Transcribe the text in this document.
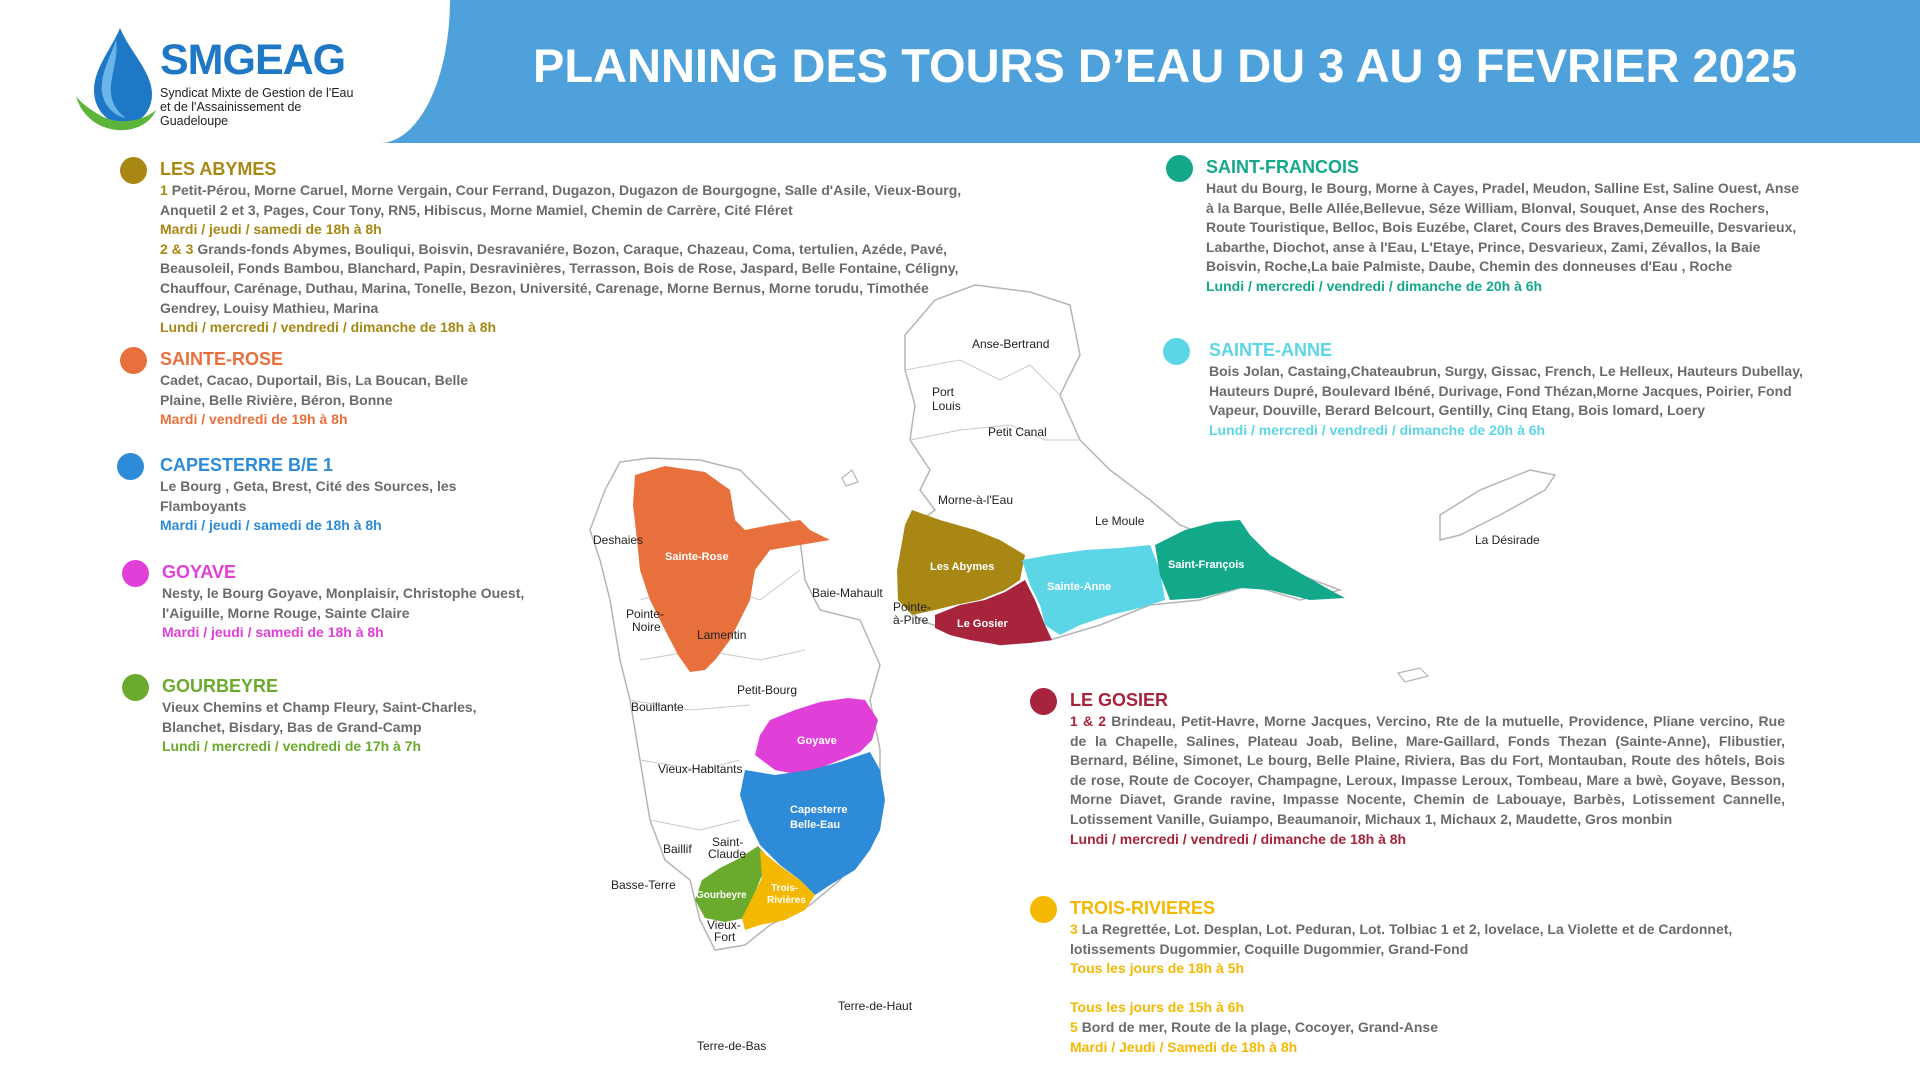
SMGEAG
Syndicat Mixte de Gestion de l'Eau et de l'Assainissement de Guadeloupe
PLANNING DES TOURS D’EAU DU 3 AU 9 FEVRIER 2025
LES ABYMES
1 Petit-Pérou, Morne Caruel, Morne Vergain, Cour Ferrand, Dugazon, Dugazon de Bourgogne, Salle d'Asile, Vieux-Bourg, Anquetil 2 et 3, Pages, Cour Tony, RN5, Hibiscus, Morne Mamiel, Chemin de Carrère, Cité Fléret
Mardi / jeudi / samedi de 18h à 8h
2 & 3 Grands-fonds Abymes, Bouliqui, Boisvin, Desravaniére, Bozon, Caraque, Chazeau, Coma, tertulien, Azéde, Pavé, Beausoleil, Fonds Bambou, Blanchard, Papin, Desravinières, Terrasson, Bois de Rose, Jaspard, Belle Fontaine, Céligny, Chauffour, Carénage, Duthau, Marina, Tonelle, Bezon, Université, Carenage, Morne Bernus, Morne torudu, Timothée Gendrey, Louisy Mathieu, Marina
Lundi / mercredi / vendredi / dimanche de 18h à 8h
SAINTE-ROSE
Cadet, Cacao, Duportail, Bis, La Boucan, Belle Plaine, Belle Rivière, Béron, Bonne
Mardi / vendredi de 19h à 8h
CAPESTERRE B/E 1
Le Bourg , Geta, Brest, Cité des Sources, les Flamboyants
Mardi / jeudi / samedi de 18h à 8h
GOYAVE
Nesty, le Bourg Goyave, Monplaisir, Christophe Ouest, l'Aiguille, Morne Rouge, Sainte Claire
Mardi / jeudi / samedi de 18h à 8h
GOURBEYRE
Vieux Chemins et Champ Fleury, Saint-Charles, Blanchet, Bisdary, Bas de Grand-Camp
Lundi / mercredi / vendredi de 17h à 7h
SAINT-FRANCOIS
Haut du Bourg, le Bourg, Morne à Cayes, Pradel, Meudon, Salline Est, Saline Ouest, Anse à la Barque, Belle Allée,Bellevue, Séze William, Blonval, Souquet, Anse des Rochers, Route Touristique, Belloc, Bois Euzébe, Claret, Cours des Braves,Demeuille, Desvarieux, Labarthe, Diochot, anse à l'Eau, L'Etaye, Prince, Desvarieux, Zami, Zévallos, la Baie Boisvin, Roche,La baie Palmiste, Daube, Chemin des donneuses d'Eau , Roche
Lundi / mercredi / vendredi / dimanche de 20h à 6h
SAINTE-ANNE
Bois Jolan, Castaing,Chateaubrun, Surgy, Gissac, French, Le Helleux, Hauteurs Dubellay, Hauteurs Dupré, Boulevard Ibéné, Durivage, Fond Thézan,Morne Jacques, Poirier, Fond Vapeur, Douville, Berard Belcourt, Gentilly, Cinq Etang, Bois lomard, Loery
Lundi / mercredi / vendredi / dimanche de 20h à 6h
LE GOSIER
1 & 2 Brindeau, Petit-Havre, Morne Jacques, Vercino, Rte de la mutuelle, Providence, Pliane vercino, Rue de la Chapelle, Salines, Plateau Joab, Beline, Mare-Gaillard, Fonds Thezan (Sainte-Anne), Flibustier, Bernard, Béline, Simonet, Le bourg, Belle Plaine, Riviera, Bas du Fort, Montauban, Route des hôtels, Bois de rose, Route de Cocoyer, Champagne, Leroux, Impasse Leroux, Tombeau, Mare a bwè, Goyave, Besson, Morne Diavet, Grande ravine, Impasse Nocente, Chemin de Labouaye, Barbès, Lotissement Cannelle, Lotissement Vanille, Guiampo, Beaumanoir, Michaux 1, Michaux 2, Maudette, Gros monbin
Lundi / mercredi / vendredi / dimanche de 18h à 8h
TROIS-RIVIERES
3 La Regrettée, Lot. Desplan, Lot. Peduran, Lot. Tolbiac 1 et 2, lovelace, La Violette et de Cardonnet, lotissements Dugommier, Coquille Dugommier, Grand-Fond
Tous les jours de 18h à 5h

Tous les jours de 15h à 6h
5 Bord de mer, Route de la plage, Cocoyer, Grand-Anse
Mardi / Jeudi / Samedi de 18h à 8h
Sainte-Rose
Les Abymes
Sainte-Anne
Saint-François
Le Gosier
Goyave
Capesterre
Belle-Eau
Gourbeyre
Trois-
Rivières
Anse-Bertrand
Port
Louis
Petit Canal
Morne-à-l'Eau
Le Moule
La Désirade
Deshaies
Baie-Mahault
Pointe-
à-Pitre
Pointe-
Noire
Lamentin
Petit-Bourg
Bouillante
Vieux-Habitants
Baillif Saint-
Claude
Basse-Terre
Vieux-
Fort
Terre-de-Haut
Terre-de-Bas
